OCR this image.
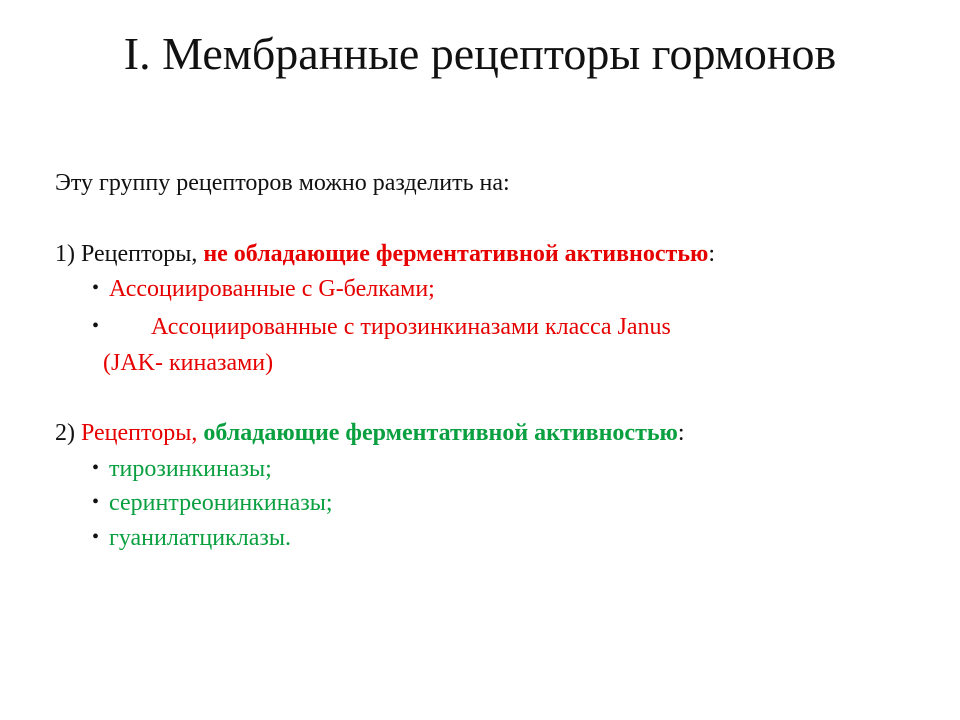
I. Мембранные рецепторы гормонов
Эту группу рецепторов можно разделить на:
1) Рецепторы, не обладающие ферментативной активностью:
• Ассоциированные с G-белками;
• Ассоциированные с тирозинкиназами класса Janus
(JAK- киназами)
2) Рецепторы, обладающие ферментативной активностью:
• тирозинкиназы;
• серинтреонинкиназы;
• гуанилатциклазы.
